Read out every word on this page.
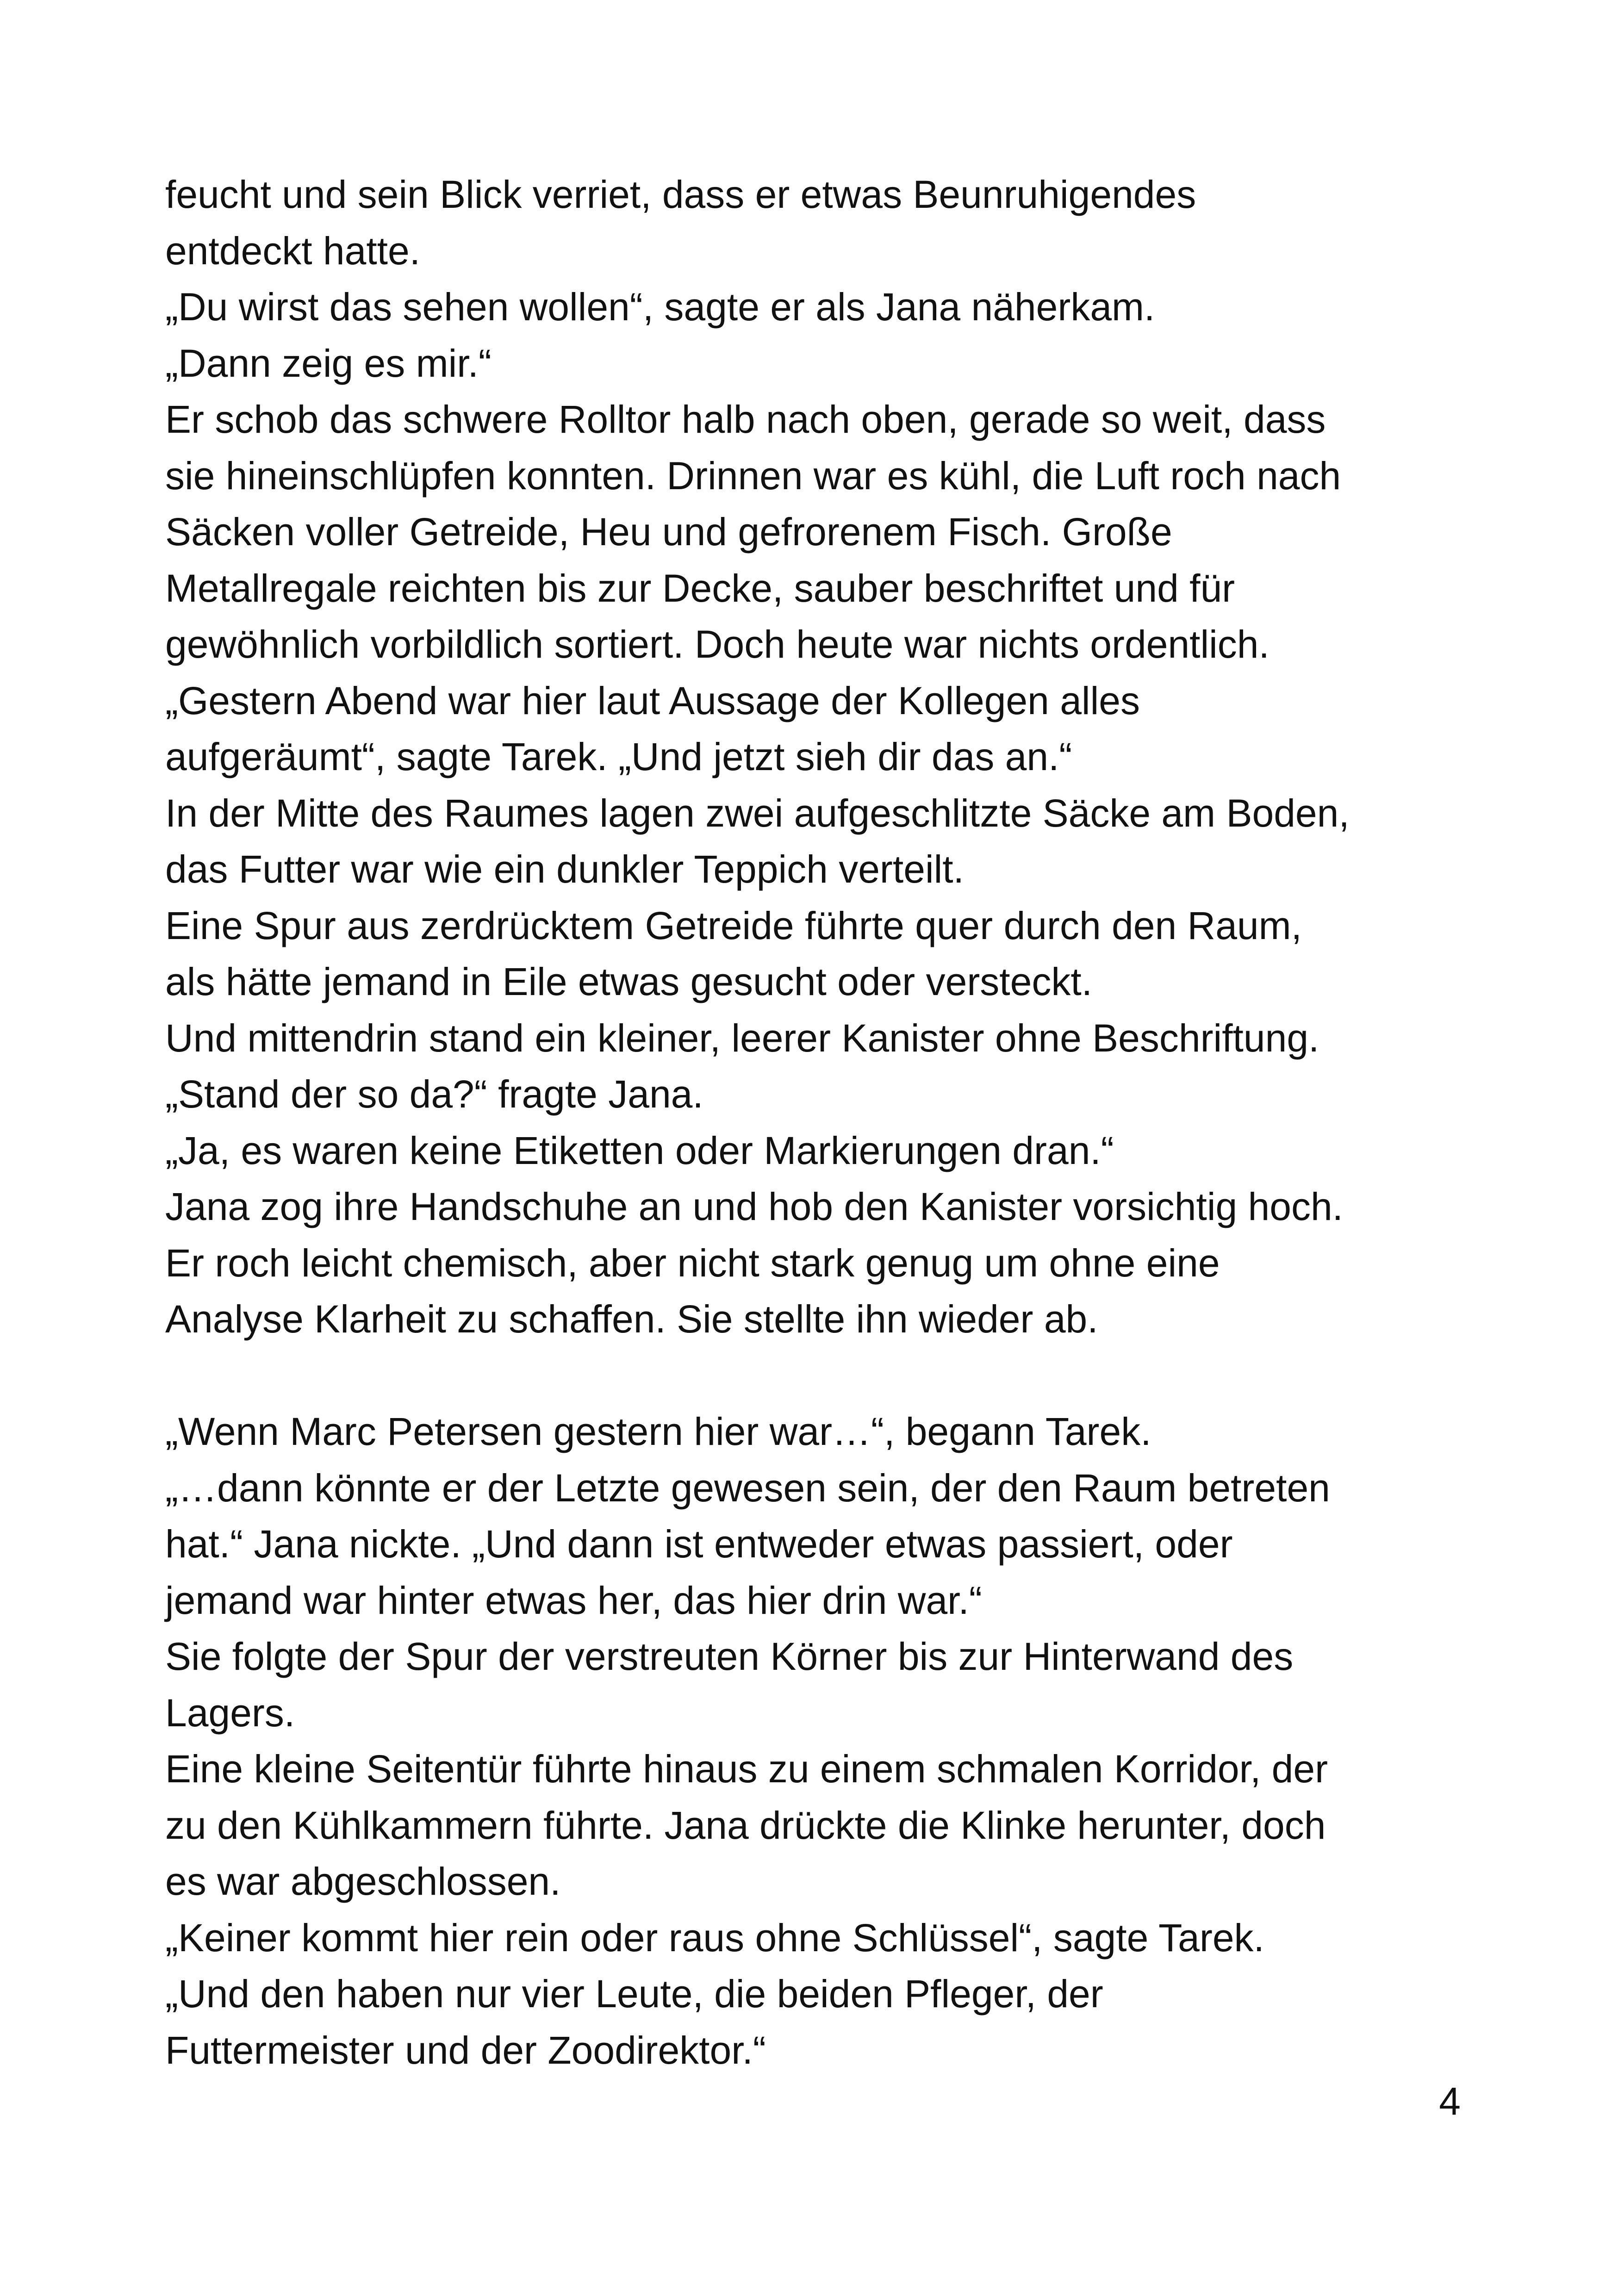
feucht und sein Blick verriet, dass er etwas Beunruhigendes
entdeckt hatte.
„Du wirst das sehen wollen“, sagte er als Jana näherkam.
„Dann zeig es mir.“
Er schob das schwere Rolltor halb nach oben, gerade so weit, dass
sie hineinschlüpfen konnten. Drinnen war es kühl, die Luft roch nach
Säcken voller Getreide, Heu und gefrorenem Fisch. Große
Metallregale reichten bis zur Decke, sauber beschriftet und für
gewöhnlich vorbildlich sortiert. Doch heute war nichts ordentlich.
„Gestern Abend war hier laut Aussage der Kollegen alles
aufgeräumt“, sagte Tarek. „Und jetzt sieh dir das an.“
In der Mitte des Raumes lagen zwei aufgeschlitzte Säcke am Boden,
das Futter war wie ein dunkler Teppich verteilt.
Eine Spur aus zerdrücktem Getreide führte quer durch den Raum,
als hätte jemand in Eile etwas gesucht oder versteckt.
Und mittendrin stand ein kleiner, leerer Kanister ohne Beschriftung.
„Stand der so da?“ fragte Jana.
„Ja, es waren keine Etiketten oder Markierungen dran.“
Jana zog ihre Handschuhe an und hob den Kanister vorsichtig hoch.
Er roch leicht chemisch, aber nicht stark genug um ohne eine
Analyse Klarheit zu schaffen. Sie stellte ihn wieder ab.
„Wenn Marc Petersen gestern hier war…“, begann Tarek.
„…dann könnte er der Letzte gewesen sein, der den Raum betreten
hat.“ Jana nickte. „Und dann ist entweder etwas passiert, oder
jemand war hinter etwas her, das hier drin war.“
Sie folgte der Spur der verstreuten Körner bis zur Hinterwand des
Lagers.
Eine kleine Seitentür führte hinaus zu einem schmalen Korridor, der
zu den Kühlkammern führte. Jana drückte die Klinke herunter, doch
es war abgeschlossen.
„Keiner kommt hier rein oder raus ohne Schlüssel“, sagte Tarek.
„Und den haben nur vier Leute, die beiden Pfleger, der
Futtermeister und der Zoodirektor.“
4
